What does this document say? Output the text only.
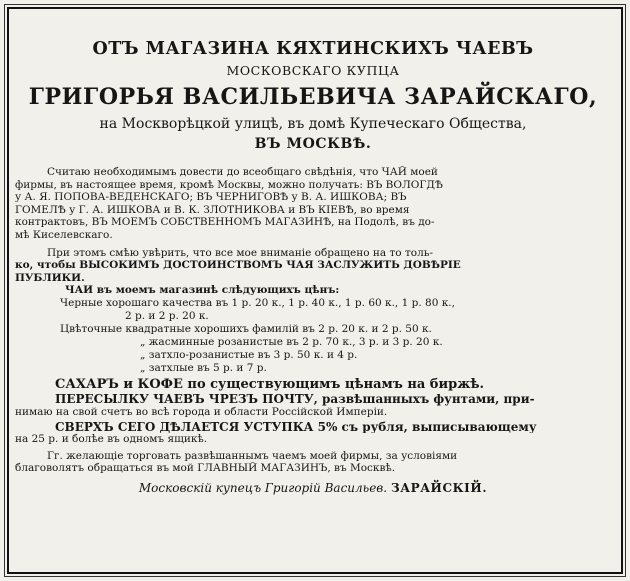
ОТЪ МАГАЗИНА КЯХТИНСКИХЪ ЧАЕВЪ
МОСКОВСКАГО КУПЦА
ГРИГОРЬЯ ВАСИЛЬЕВИЧА ЗАРАЙСКАГО,
на Москворѣцкой улицѣ, въ домѣ Купеческаго Общества,
ВЪ МОСКВѢ.
Считаю необходимымъ довести до всеобщаго свѣдѣнія, что ЧАЙ моей
фирмы, въ настоящее время, кромѣ Москвы, можно получать: ВЪ ВОЛОГДѢ
у А. Я. ПОПОВА-ВЕДЕНСКАГО; ВЪ ЧЕРНИГОВѢ у В. А. ИШКОВА; ВЪ
ГОМЕЛѢ у Г. А. ИШКОВА и В. К. ЗЛОТНИКОВА и ВЪ КІЕВѢ, во время
контрактовъ, ВЪ МОЕМЪ СОБСТВЕННОМЪ МАГАЗИНѢ, на Подолѣ, въ до-
мѣ Киселевскаго.
При этомъ смѣю увѣрить, что все мое вниманіе обращено на то толь-
ко, чтобы ВЫСОКИМЪ ДОСТОИНСТВОМЪ ЧАЯ ЗАСЛУЖИТЬ ДОВѢРІЕ
ПУБЛИКИ.
ЧАИ въ моемъ магазинѣ слѣдующихъ цѣнъ:
Черные хорошаго качества въ 1 р. 20 к., 1 р. 40 к., 1 р. 60 к., 1 р. 80 к.,
2 р. и 2 р. 20 к.
Цвѣточные квадратные хорошихъ фамилій въ 2 р. 20 к. и 2 р. 50 к.
„ жасминные розанистые въ 2 р. 70 к., 3 р. и 3 р. 20 к.
„ затхло-розанистые въ 3 р. 50 к. и 4 р.
„ затхлые въ 5 р. и 7 р.
САХАРЪ и КОФЕ по существующимъ цѣнамъ на биржѣ.
ПЕРЕСЫЛКУ ЧАЕВЪ ЧРЕЗЪ ПОЧТУ, развѣшанныхъ фунтами, при-
нимаю на свой счетъ во всѣ города и области Россійской Имперіи.
СВЕРХЪ СЕГО ДѢЛАЕТСЯ УСТУПКА 5% съ рубля, выписывающему
на 25 р. и болѣе въ одномъ ящикѣ.
Гг. желающіе торговать развѣшаннымъ чаемъ моей фирмы, за условіями
благоволятъ обращаться въ мой ГЛАВНЫЙ МАГАЗИНЪ, въ Москвѣ.
Московскій купецъ Григорій Васильев. ЗАРАЙСКІЙ.
